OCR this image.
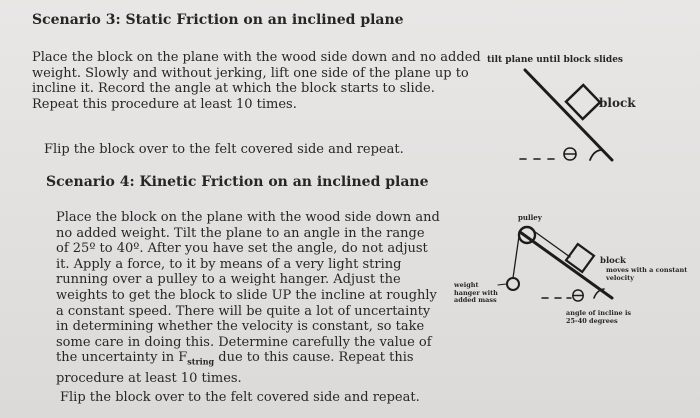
Scenario 3: Static Friction on an inclined plane

Place the block on the plane with the wood side down and no added weight. Slowly and without jerking, lift one side of the plane up to incline it. Record the angle at which the block starts to slide. Repeat this procedure at least 10 times.

Flip the block over to the felt covered side and repeat.

tilt plane until block slides

block

Scenario 4: Kinetic Friction on an inclined plane

Place the block on the plane with the wood side down and no added weight. Tilt the plane to an angle in the range of 25º to 40º. After you have set the angle, do not adjust it. Apply a force, to it by means of a very light string running over a pulley to a weight hanger. Adjust the weights to get the block to slide UP the incline at roughly a constant speed. There will be quite a lot of uncertainty in determining whether the velocity is constant, so take some care in doing this. Determine carefully the value of the uncertainty in $F_{string}$ due to this cause. Repeat this procedure at least 10 times.

Flip the block over to the felt covered side and repeat.

pulley

weight hanger with added mass

block

moves with a constant velocity

angle of incline is 25-40 degrees
